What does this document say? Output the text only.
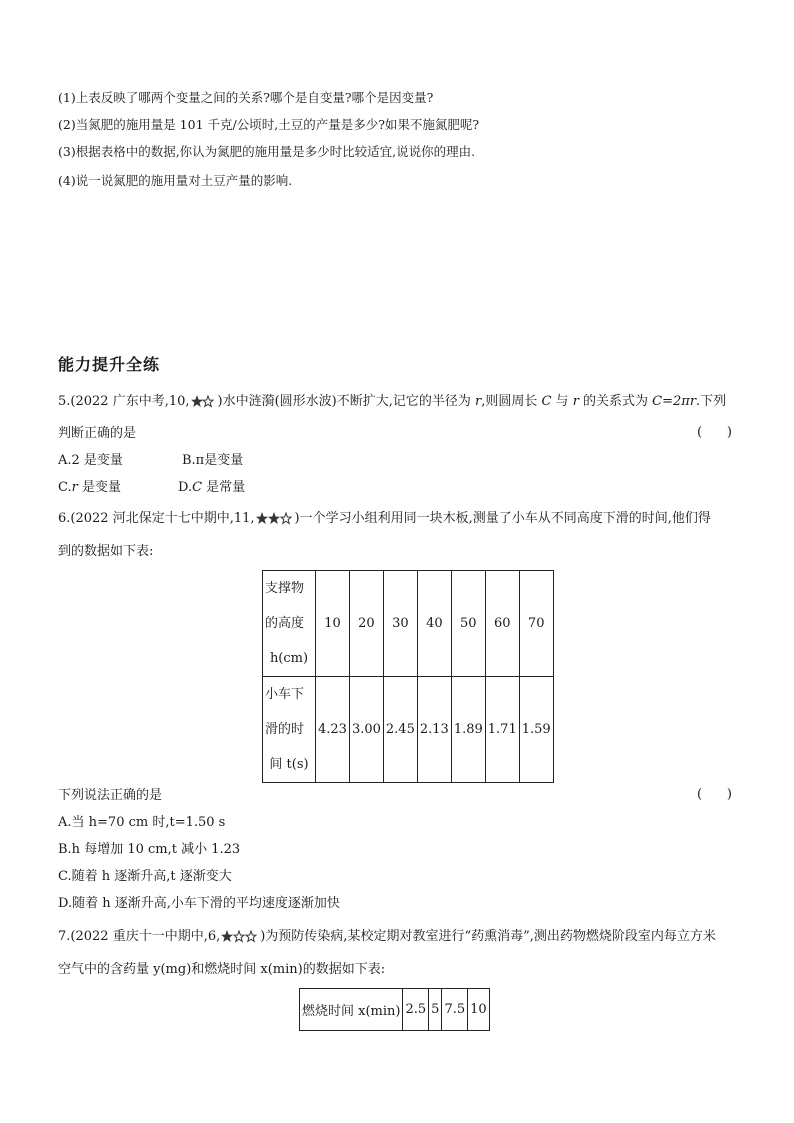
(1)上表反映了哪两个变量之间的关系?哪个是自变量?哪个是因变量?
(2)当氮肥的施用量是 101 千克/公顷时,土豆的产量是多少?如果不施氮肥呢?
(3)根据表格中的数据,你认为氮肥的施用量是多少时比较适宜,说说你的理由.
(4)说一说氮肥的施用量对土豆产量的影响.
能力提升全练
5.(2022 广东中考,10, )水中涟漪(圆形水波)不断扩大,记它的半径为 r,则圆周长 C 与 r 的关系式为 C=2πr.下列
判断正确的是	(      )
A.2 是变量	B.π是变量
C.r 是变量	D.C 是常量
6.(2022 河北保定十七中期中,11,	)一个学习小组利用同一块木板,测量了小车从不同高度下滑的时间,他们得
到的数据如下表:
支撑物
的高度
h(cm)	10	20	30	40	50	60	70

小车下
滑的时
间 t(s)	4.23	3.00	2.45	2.13	1.89	1.71	1.59
下列说法正确的是	(      )
A.当 h=70 cm 时,t=1.50 s
B.h 每增加 10 cm,t 减小 1.23
C.随着 h 逐渐升高,t 逐渐变大
D.随着 h 逐渐升高,小车下滑的平均速度逐渐加快
7.(2022 重庆十一中期中,6,	)为预防传染病,某校定期对教室进行“药熏消毒”,测出药物燃烧阶段室内每立方米
空气中的含药量 y(mg)和燃烧时间 x(min)的数据如下表:
燃烧时间 x(min)	2.5	5	7.5	10
